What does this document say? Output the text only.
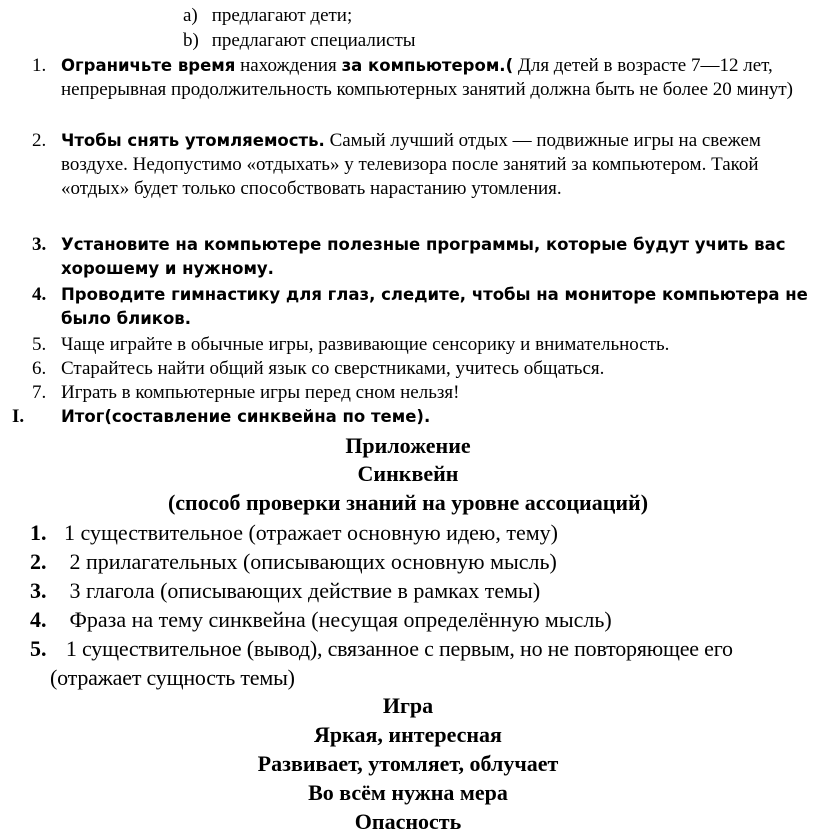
a) предлагают дети;
b) предлагают специалисты
1. Ограничьте время нахождения за компьютером.( Для детей в возрасте 7—12 лет, непрерывная продолжительность компьютерных занятий должна быть не более 20 минут)
2. Чтобы снять утомляемость. Самый лучший отдых — подвижные игры на свежем воздухе. Недопустимо «отдыхать» у телевизора после занятий за компьютером. Такой «отдых» будет только способствовать нарастанию утомления.
3. Установите на компьютере полезные программы, которые будут учить вас хорошему и нужному.
4. Проводите гимнастику для глаз, следите, чтобы на мониторе компьютера не было бликов.
5. Чаще играйте в обычные игры, развивающие сенсорику и внимательность.
6. Старайтесь найти общий язык со сверстниками, учитесь общаться.
7. Играть в компьютерные игры перед сном нельзя!
I. Итог(составление синквейна по теме).
Приложение
Синквейн
(способ проверки знаний на уровне ассоциаций)
1. 1 существительное (отражает основную идею, тему)
2. 2 прилагательных (описывающих основную мысль)
3. 3 глагола (описывающих действие в рамках темы)
4. Фраза на тему синквейна (несущая определённую мысль)
5. 1 существительное (вывод), связанное с первым, но не повторяющее его (отражает сущность темы)
Игра
Яркая, интересная
Развивает, утомляет, облучает
Во всём нужна мера
Опасность
